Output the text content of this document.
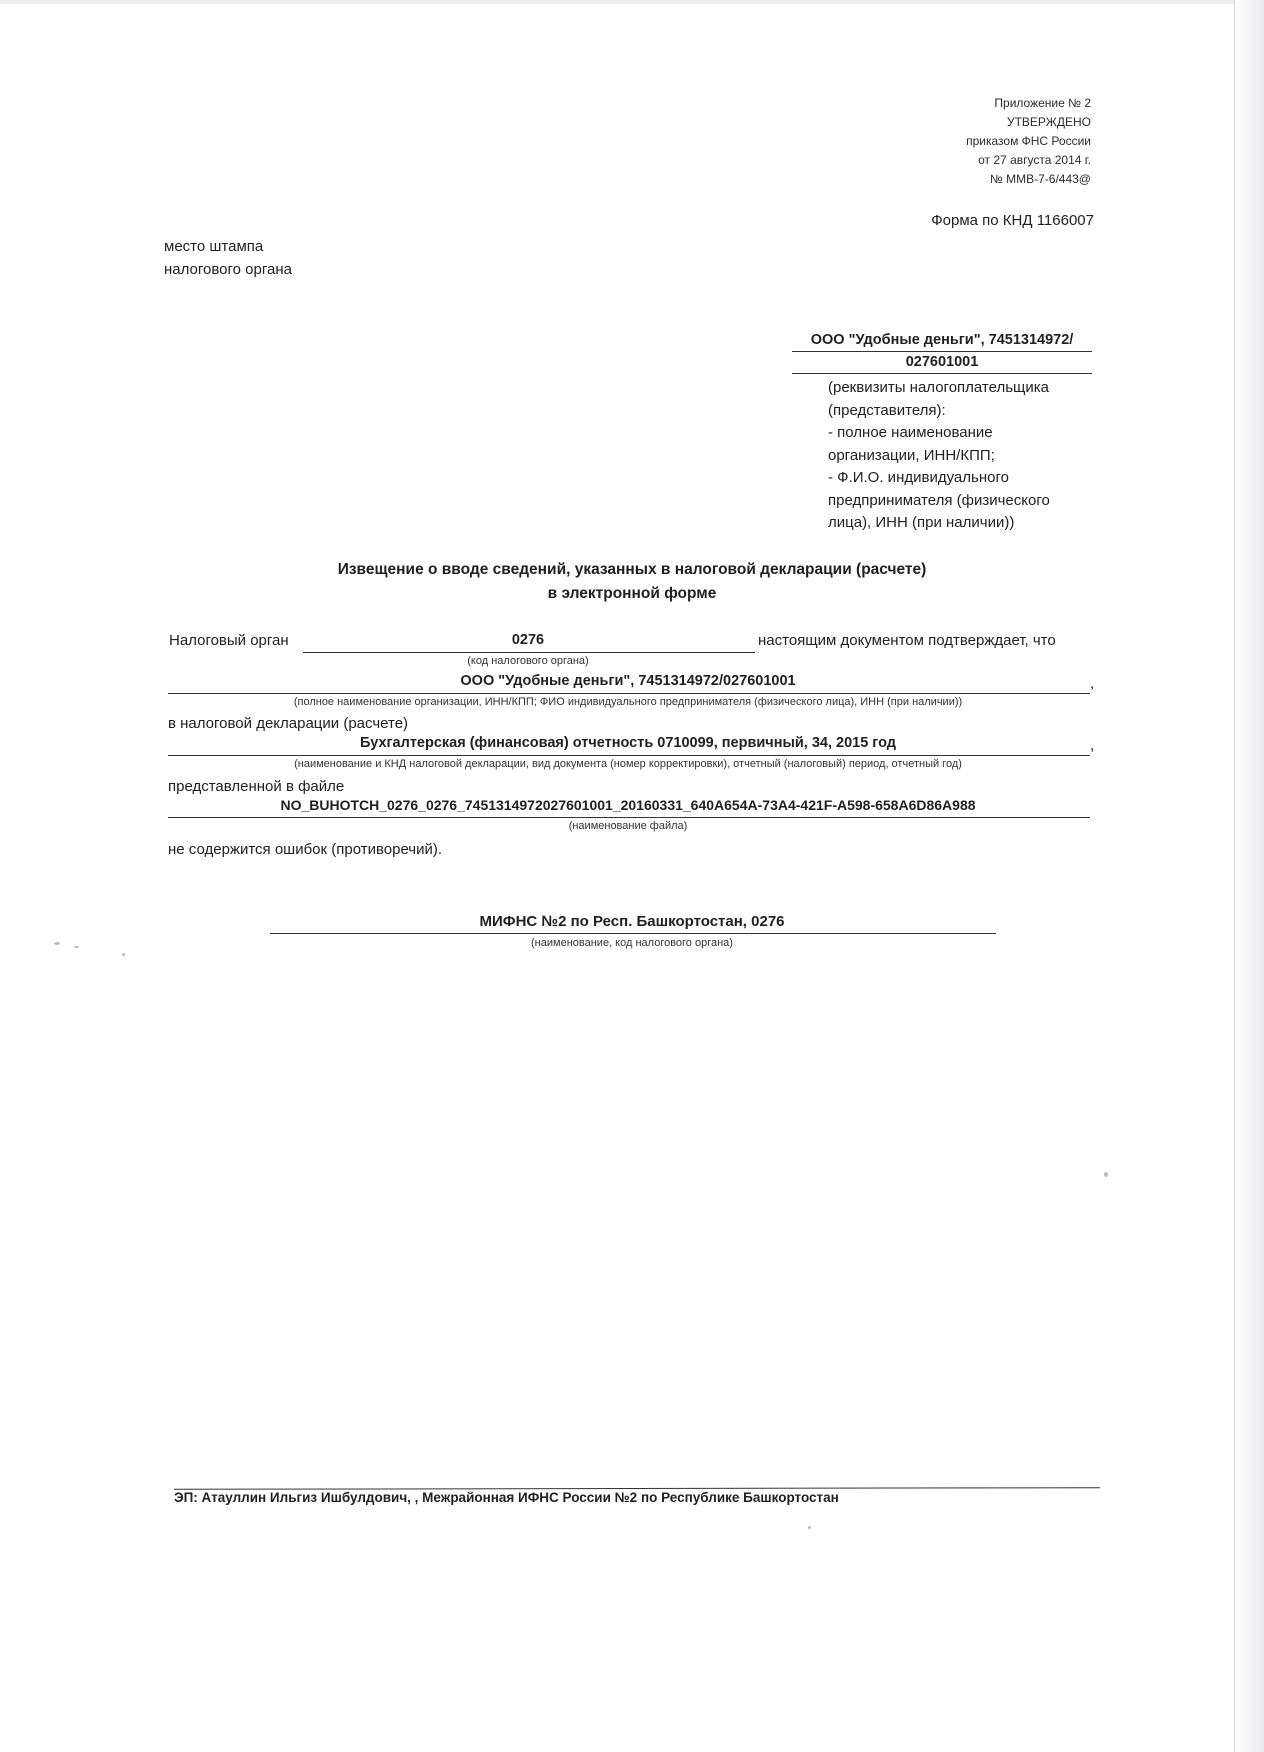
Приложение № 2
УТВЕРЖДЕНО
приказом ФНС России
от 27 августа 2014 г.
№ ММВ-7-6/443@
Форма по КНД 1166007
место штампа
налогового органа
ООО "Удобные деньги", 7451314972/
027601001
(реквизиты налогоплательщика
(представителя):
- полное наименование
организации, ИНН/КПП;
- Ф.И.О. индивидуального
предпринимателя (физического
лица), ИНН (при наличии))
Извещение о вводе сведений, указанных в налоговой декларации (расчете)
в электронной форме
Налоговый орган	0276	настоящим документом подтверждает, что
(код налогового органа)
ООО "Удобные деньги", 7451314972/027601001	,
(полное наименование организации, ИНН/КПП; ФИО индивидуального предпринимателя (физического лица), ИНН (при наличии))
в налоговой декларации (расчете)
Бухгалтерская (финансовая) отчетность 0710099, первичный, 34, 2015 год	,
(наименование и КНД налоговой декларации, вид документа (номер корректировки), отчетный (налоговый) период, отчетный год)
представленной в файле
NO_BUHOTCH_0276_0276_7451314972027601001_20160331_640A654A-73A4-421F-A598-658A6D86A988
(наименование файла)
не содержится ошибок (противоречий).
МИФНС №2 по Респ. Башкортостан, 0276
(наименование, код налогового органа)
ЭП: Атауллин Ильгиз Ишбулдович, , Межрайонная ИФНС России №2 по Республике Башкортостан
